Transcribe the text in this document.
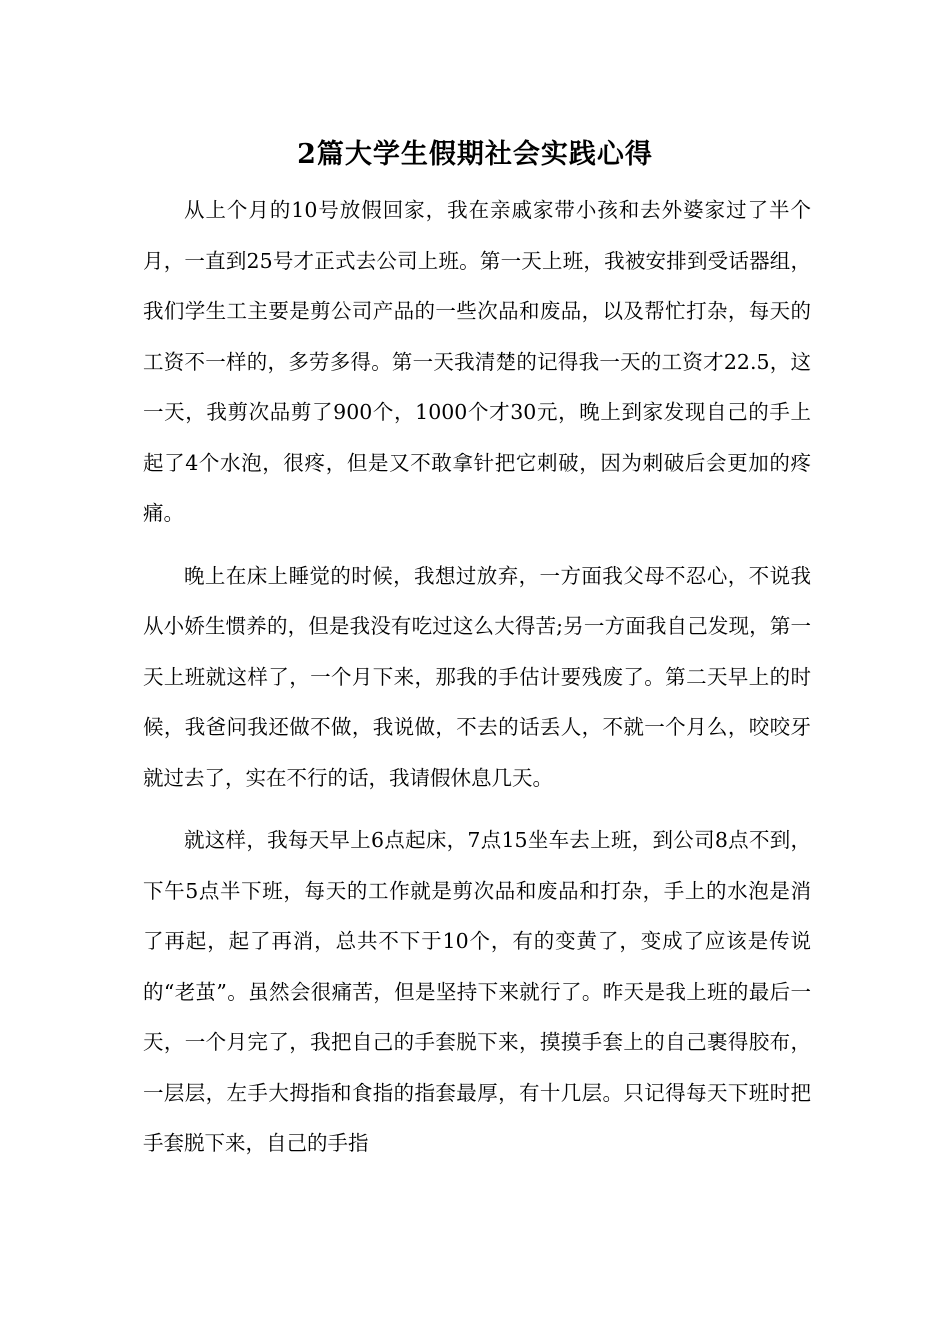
2篇大学生假期社会实践心得

从上个月的10号放假回家，我在亲戚家带小孩和去外婆家过了半个月，一直到25号才正式去公司上班。第一天上班，我被安排到受话器组，我们学生工主要是剪公司产品的一些次品和废品，以及帮忙打杂，每天的工资不一样的，多劳多得。第一天我清楚的记得我一天的工资才22.5，这一天，我剪次品剪了900个，1000个才30元，晚上到家发现自己的手上起了4个水泡，很疼，但是又不敢拿针把它刺破，因为刺破后会更加的疼痛。

晚上在床上睡觉的时候，我想过放弃，一方面我父母不忍心，不说我从小娇生惯养的，但是我没有吃过这么大得苦;另一方面我自己发现，第一天上班就这样了，一个月下来，那我的手估计要残废了。第二天早上的时候，我爸问我还做不做，我说做，不去的话丢人，不就一个月么，咬咬牙就过去了，实在不行的话，我请假休息几天。

就这样，我每天早上6点起床，7点15坐车去上班，到公司8点不到，下午5点半下班，每天的工作就是剪次品和废品和打杂，手上的水泡是消了再起，起了再消，总共不下于10个，有的变黄了，变成了应该是传说的“老茧”。虽然会很痛苦，但是坚持下来就行了。昨天是我上班的最后一天，一个月完了，我把自己的手套脱下来，摸摸手套上的自己裹得胶布，一层层，左手大拇指和食指的指套最厚，有十几层。只记得每天下班时把手套脱下来，自己的手指
